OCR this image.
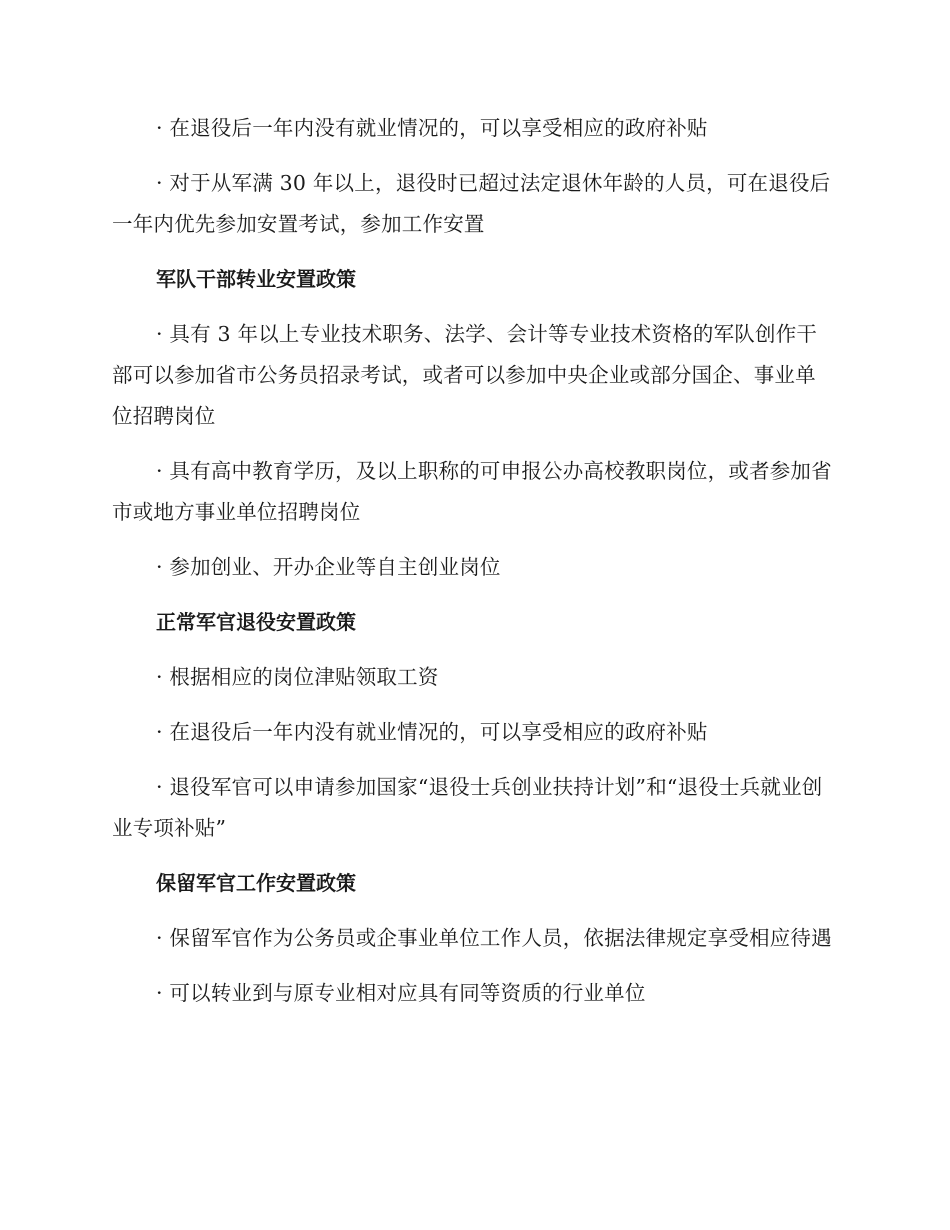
· 在退役后一年内没有就业情况的，可以享受相应的政府补贴

· 对于从军满 30 年以上，退役时已超过法定退休年龄的人员，可在退役后一年内优先参加安置考试，参加工作安置

军队干部转业安置政策

· 具有 3 年以上专业技术职务、法学、会计等专业技术资格的军队创作干部可以参加省市公务员招录考试，或者可以参加中央企业或部分国企、事业单位招聘岗位

· 具有高中教育学历，及以上职称的可申报公办高校教职岗位，或者参加省市或地方事业单位招聘岗位

· 参加创业、开办企业等自主创业岗位

正常军官退役安置政策

· 根据相应的岗位津贴领取工资

· 在退役后一年内没有就业情况的，可以享受相应的政府补贴

· 退役军官可以申请参加国家“退役士兵创业扶持计划”和“退役士兵就业创业专项补贴”

保留军官工作安置政策

· 保留军官作为公务员或企事业单位工作人员，依据法律规定享受相应待遇

· 可以转业到与原专业相对应具有同等资质的行业单位
